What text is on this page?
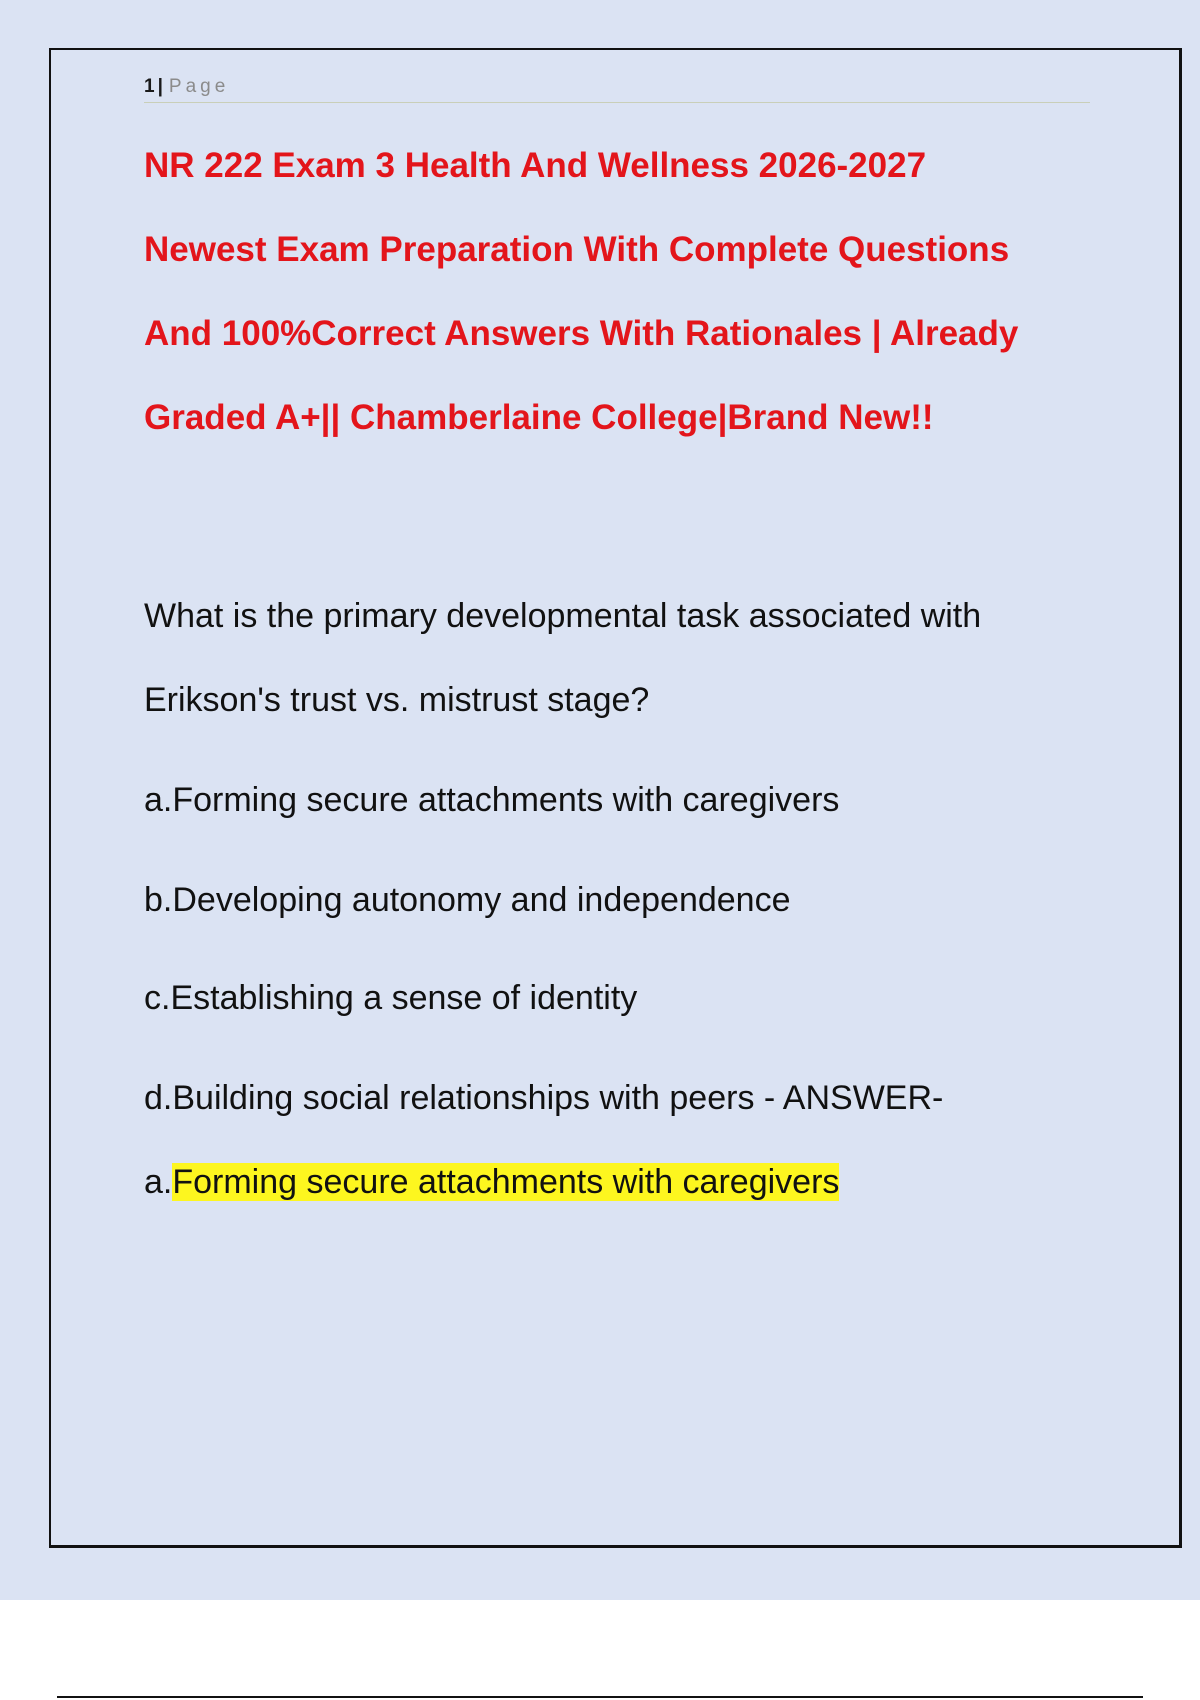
1 | Page
NR 222 Exam 3 Health And Wellness 2026-2027
Newest Exam Preparation With Complete Questions
And 100%Correct Answers With Rationales | Already
Graded A+|| Chamberlaine College|Brand New!!

What is the primary developmental task associated with
Erikson's trust vs. mistrust stage?

a.Forming secure attachments with caregivers

b.Developing autonomy and independence

c.Establishing a sense of identity

d.Building social relationships with peers - ANSWER-

a.Forming secure attachments with caregivers
